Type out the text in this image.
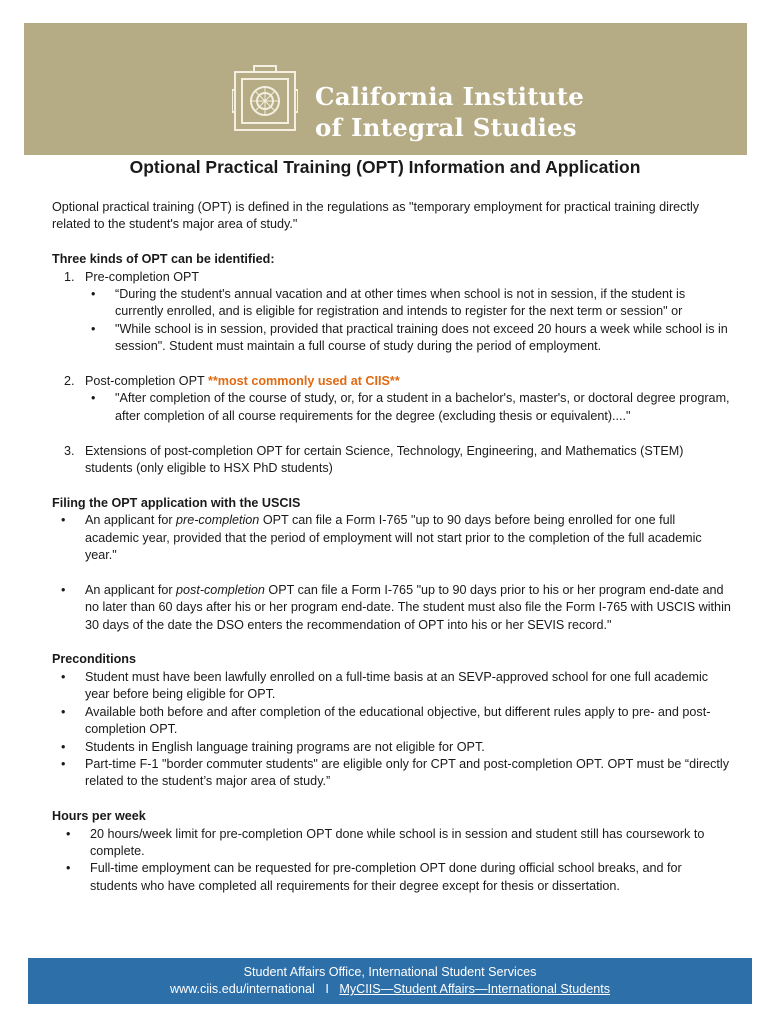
California Institute
of Integral Studies
Optional Practical Training (OPT) Information and Application

Optional practical training (OPT) is defined in the regulations as "temporary employment for practical training directly related to the student's major area of study."

Three kinds of OPT can be identified:

1. Pre-completion OPT

•	“During the student's annual vacation and at other times when school is not in session, if the student is currently enrolled, and is eligible for registration and intends to register for the next term or session" or

•	"While school is in session, provided that practical training does not exceed 20 hours a week while school is in session". Student must maintain a full course of study during the period of employment.

2. Post-completion OPT **most commonly used at CIIS**

•	"After completion of the course of study, or, for a student in a bachelor's, master's, or doctoral degree program, after completion of all course requirements for the degree (excluding thesis or equivalent)...."

3. Extensions of post-completion OPT for certain Science, Technology, Engineering, and Mathematics (STEM) students (only eligible to HSX PhD students)

Filing the OPT application with the USCIS

•	An applicant for pre-completion OPT can file a Form I-765 "up to 90 days before being enrolled for one full academic year, provided that the period of employment will not start prior to the completion of the full academic year."

•	An applicant for post-completion OPT can file a Form I-765 "up to 90 days prior to his or her program end-date and no later than 60 days after his or her program end-date. The student must also file the Form I-765 with USCIS within 30 days of the date the DSO enters the recommendation of OPT into his or her SEVIS record."

Preconditions

•	Student must have been lawfully enrolled on a full-time basis at an SEVP-approved school for one full academic year before being eligible for OPT.

•	Available both before and after completion of the educational objective, but different rules apply to pre- and post- completion OPT.

•	Students in English language training programs are not eligible for OPT.

•	Part-time F-1 "border commuter students" are eligible only for CPT and post-completion OPT. OPT must be “directly related to the student’s major area of study.”

Hours per week

•	20 hours/week limit for pre-completion OPT done while school is in session and student still has coursework to complete.

•	Full-time employment can be requested for pre-completion OPT done during official school breaks, and for students who have completed all requirements for their degree except for thesis or dissertation.

Student Affairs Office, International Student Services
www.ciis.edu/international I MyCIIS—Student Affairs—International Students
